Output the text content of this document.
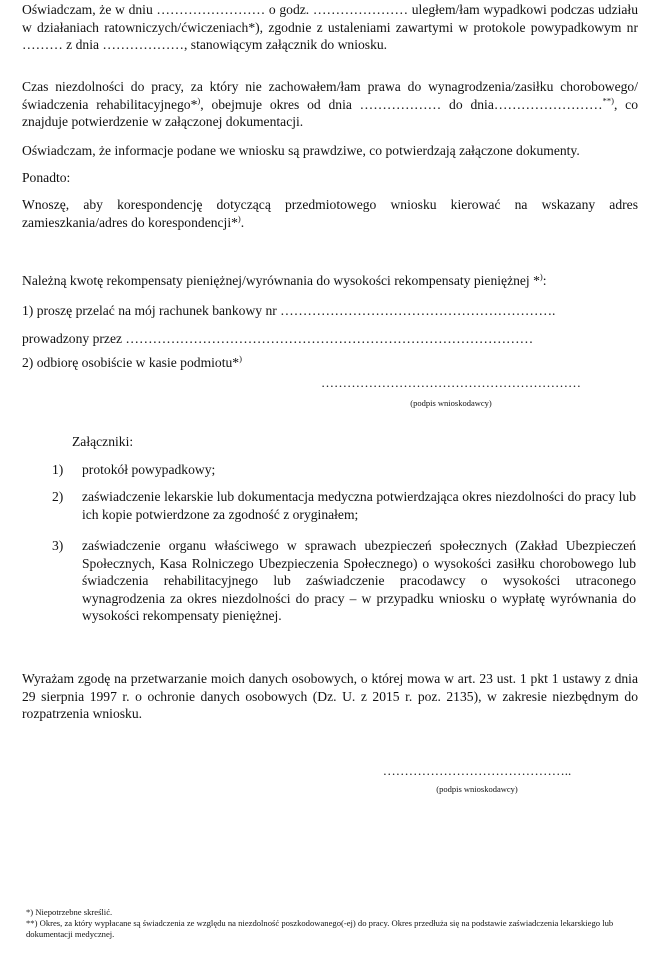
Oświadczam, że w dniu …………………… o godz. ………………… uległem/łam wypadkowi podczas udziału w działaniach ratowniczych/ćwiczeniach*), zgodnie z ustaleniami zawartymi w protokole powypadkowym nr ……… z dnia ………………, stanowiącym załącznik do wniosku.

Czas niezdolności do pracy, za który nie zachowałem/łam prawa do wynagrodzenia/zasiłku chorobowego/świadczenia rehabilitacyjnego*), obejmuje okres od dnia ……………… do dnia……………………**), co znajduje potwierdzenie w załączonej dokumentacji.

Oświadczam, że informacje podane we wniosku są prawdziwe, co potwierdzają załączone dokumenty.

Ponadto:

Wnoszę, aby korespondencję dotyczącą przedmiotowego wniosku kierować na wskazany adres zamieszkania/adres do korespondencji*).

Należną kwotę rekompensaty pieniężnej/wyrównania do wysokości rekompensaty pieniężnej *):

1) proszę przelać na mój rachunek bankowy nr …………………………………………………….

prowadzony przez ………………………………………………………………………………

2) odbiorę osobiście w kasie podmiotu*)

……………………………………………………
(podpis wnioskodawcy)
Załączniki:
1) protokół powypadkowy;
2) zaświadczenie lekarskie lub dokumentacja medyczna potwierdzająca okres niezdolności do pracy lub ich kopie potwierdzone za zgodność z oryginałem;
3) zaświadczenie organu właściwego w sprawach ubezpieczeń społecznych (Zakład Ubezpieczeń Społecznych, Kasa Rolniczego Ubezpieczenia Społecznego) o wysokości zasiłku chorobowego lub świadczenia rehabilitacyjnego lub zaświadczenie pracodawcy o wysokości utraconego wynagrodzenia za okres niezdolności do pracy – w przypadku wniosku o wypłatę wyrównania do wysokości rekompensaty pieniężnej.

Wyrażam zgodę na przetwarzanie moich danych osobowych, o której mowa w art. 23 ust. 1 pkt 1 ustawy z dnia 29 sierpnia 1997 r. o ochronie danych osobowych (Dz. U. z 2015 r. poz. 2135), w zakresie niezbędnym do rozpatrzenia wniosku.

……………………………………..
(podpis wnioskodawcy)
*) Niepotrzebne skreślić.
**) Okres, za który wypłacane są świadczenia ze względu na niezdolność poszkodowanego(-ej) do pracy. Okres przedłuża się na podstawie zaświadczenia lekarskiego lub dokumentacji medycznej.
